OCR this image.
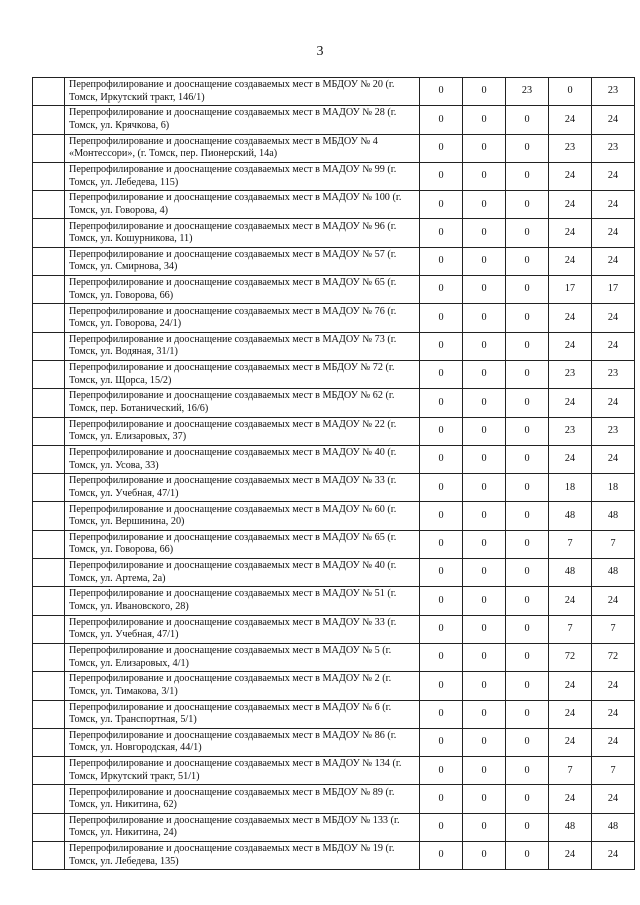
3
	Перепрофилирование и дооснащение создаваемых мест в МБДОУ № 20 (г. Томск, Иркутский тракт, 146/1)	0	0	23	0	23
	Перепрофилирование и дооснащение создаваемых мест в МАДОУ № 28 (г. Томск, ул. Крячкова, 6)	0	0	0	24	24
	Перепрофилирование и дооснащение создаваемых мест в МБДОУ № 4 «Монтессори», (г. Томск, пер. Пионерский, 14а)	0	0	0	23	23
	Перепрофилирование и дооснащение создаваемых мест в МАДОУ № 99 (г. Томск, ул. Лебедева, 115)	0	0	0	24	24
	Перепрофилирование и дооснащение создаваемых мест в МАДОУ № 100 (г. Томск, ул. Говорова, 4)	0	0	0	24	24
	Перепрофилирование и дооснащение создаваемых мест в МАДОУ № 96 (г. Томск, ул. Кошурникова, 11)	0	0	0	24	24
	Перепрофилирование и дооснащение создаваемых мест в МАДОУ № 57 (г. Томск, ул. Смирнова, 34)	0	0	0	24	24
	Перепрофилирование и дооснащение создаваемых мест в МАДОУ № 65 (г. Томск, ул. Говорова, 66)	0	0	0	17	17
	Перепрофилирование и дооснащение создаваемых мест в МАДОУ № 76 (г. Томск, ул. Говорова, 24/1)	0	0	0	24	24
	Перепрофилирование и дооснащение создаваемых мест в МАДОУ № 73 (г. Томск, ул. Водяная, 31/1)	0	0	0	24	24
	Перепрофилирование и дооснащение создаваемых мест в МБДОУ № 72 (г. Томск, ул. Щорса, 15/2)	0	0	0	23	23
	Перепрофилирование и дооснащение создаваемых мест в МБДОУ № 62 (г. Томск, пер. Ботанический, 16/6)	0	0	0	24	24
	Перепрофилирование и дооснащение создаваемых мест в МАДОУ № 22 (г. Томск, ул. Елизаровых, 37)	0	0	0	23	23
	Перепрофилирование и дооснащение создаваемых мест в МАДОУ № 40 (г. Томск, ул. Усова, 33)	0	0	0	24	24
	Перепрофилирование и дооснащение создаваемых мест в МАДОУ № 33 (г. Томск, ул. Учебная, 47/1)	0	0	0	18	18
	Перепрофилирование и дооснащение создаваемых мест в МАДОУ № 60 (г. Томск, ул. Вершинина, 20)	0	0	0	48	48
	Перепрофилирование и дооснащение создаваемых мест в МАДОУ № 65 (г. Томск, ул. Говорова, 66)	0	0	0	7	7
	Перепрофилирование и дооснащение создаваемых мест в МАДОУ № 40 (г. Томск, ул. Артема, 2а)	0	0	0	48	48
	Перепрофилирование и дооснащение создаваемых мест в МАДОУ № 51 (г. Томск, ул. Ивановского, 28)	0	0	0	24	24
	Перепрофилирование и дооснащение создаваемых мест в МАДОУ № 33 (г. Томск, ул. Учебная, 47/1)	0	0	0	7	7
	Перепрофилирование и дооснащение создаваемых мест в МАДОУ № 5 (г. Томск, ул. Елизаровых, 4/1)	0	0	0	72	72
	Перепрофилирование и дооснащение создаваемых мест в МАДОУ № 2 (г. Томск, ул. Тимакова, 3/1)	0	0	0	24	24
	Перепрофилирование и дооснащение создаваемых мест в МАДОУ № 6 (г. Томск, ул. Транспортная, 5/1)	0	0	0	24	24
	Перепрофилирование и дооснащение создаваемых мест в МАДОУ № 86 (г. Томск, ул. Новгородская, 44/1)	0	0	0	24	24
	Перепрофилирование и дооснащение создаваемых мест в МАДОУ № 134 (г. Томск, Иркутский тракт, 51/1)	0	0	0	7	7
	Перепрофилирование и дооснащение создаваемых мест в МБДОУ № 89 (г. Томск, ул. Никитина, 62)	0	0	0	24	24
	Перепрофилирование и дооснащение создаваемых мест в МБДОУ № 133 (г. Томск, ул. Никитина, 24)	0	0	0	48	48
	Перепрофилирование и дооснащение создаваемых мест в МБДОУ № 19 (г. Томск, ул. Лебедева, 135)	0	0	0	24	24
